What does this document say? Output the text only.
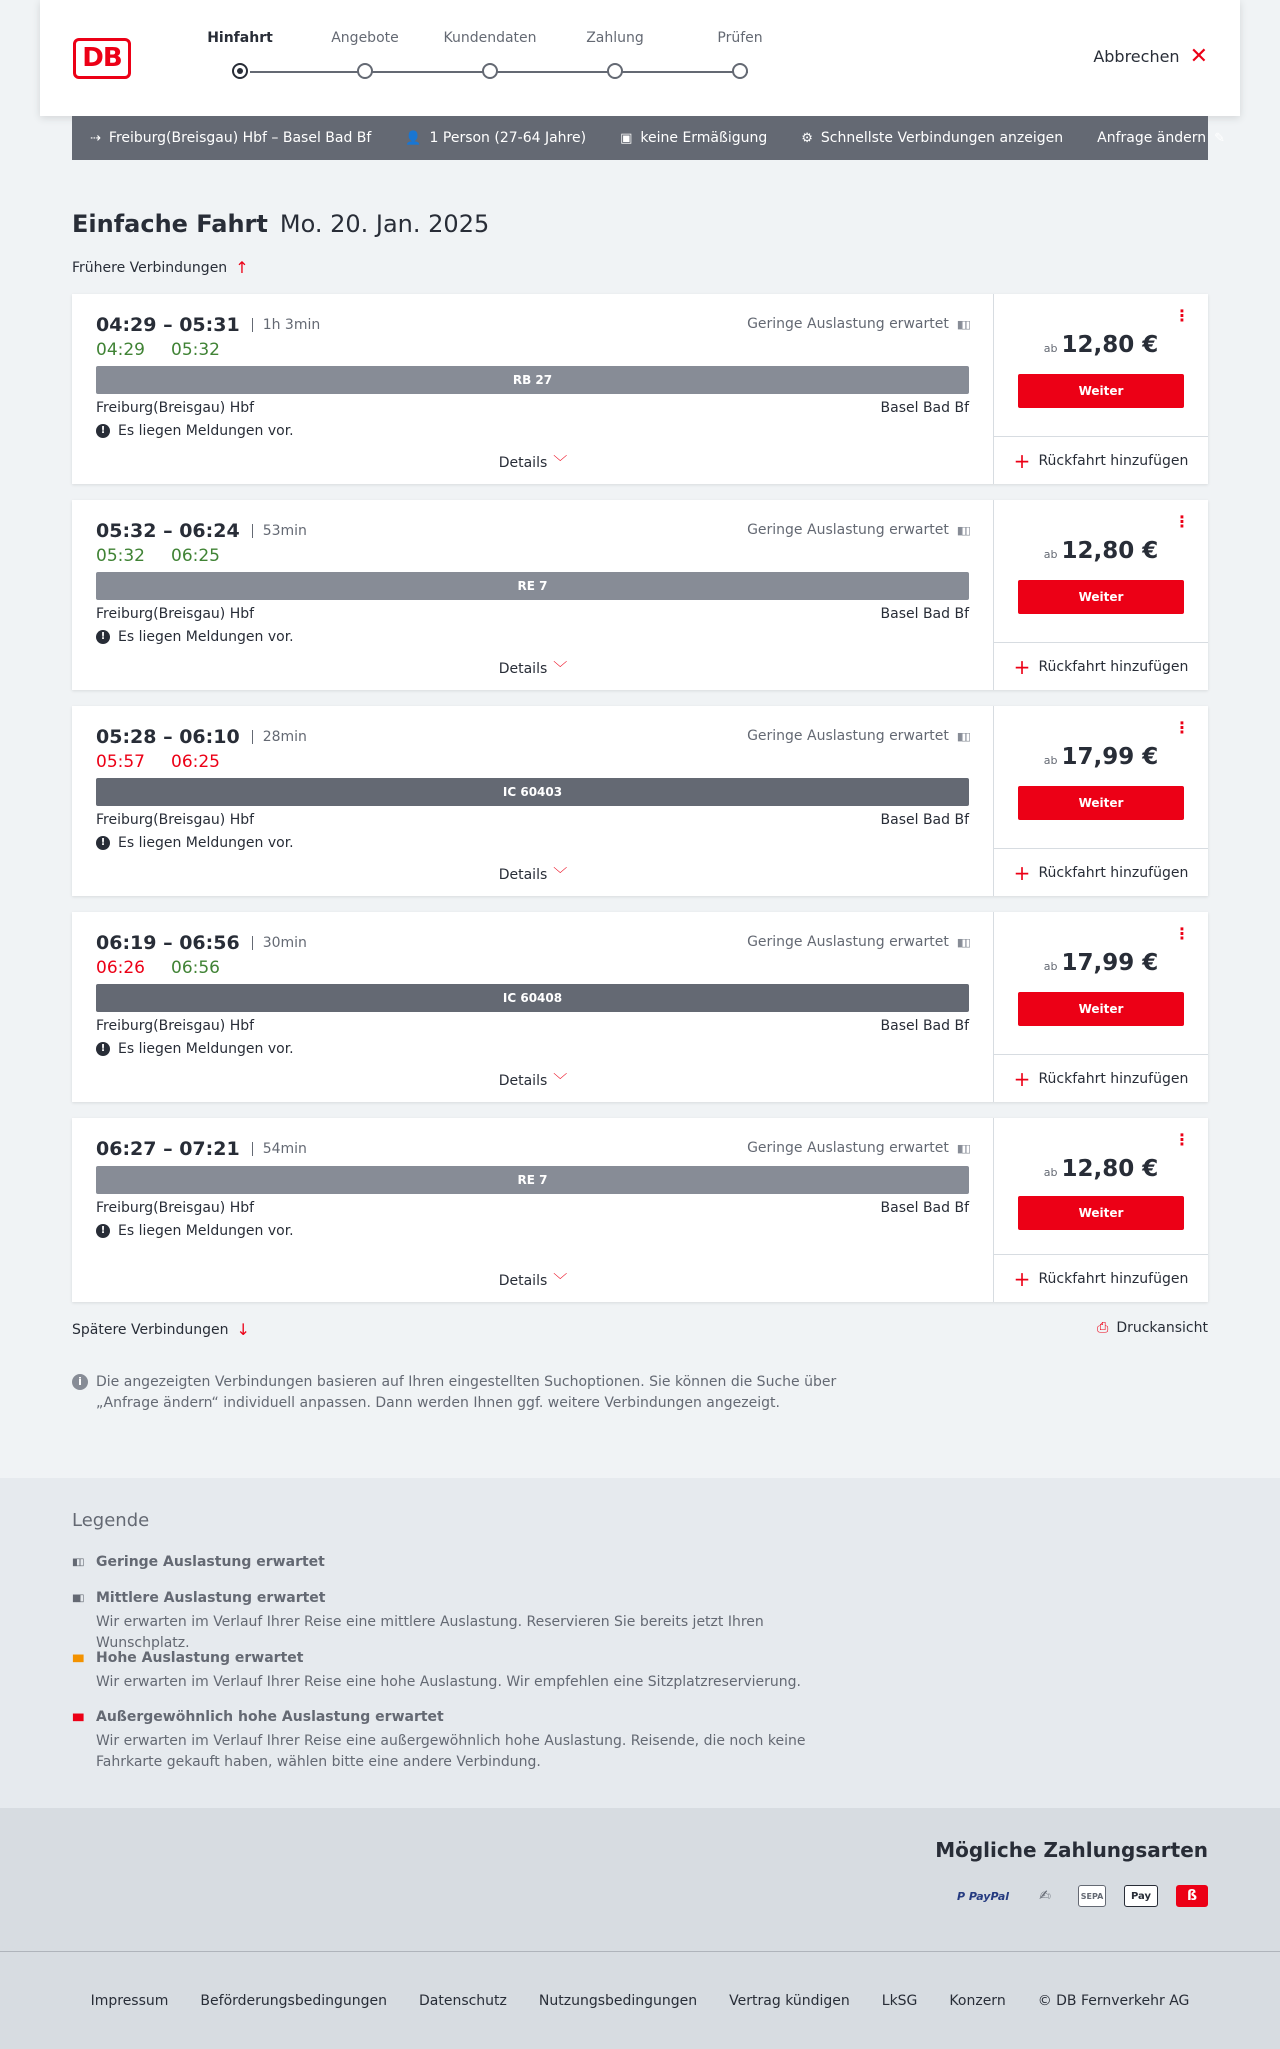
DB
Hinfahrt	Angebote	Kundendaten	Zahlung	Prüfen
Abbrechen ✕
⇢ Freiburg(Breisgau) Hbf – Basel Bad Bf	👤 1 Person (27-64 Jahre)	▣ keine Ermäßigung	⚙ Schnellste Verbindungen anzeigen Anfrage ändern ✎
Einfache Fahrt Mo. 20. Jan. 2025
Frühere Verbindungen ↑
04:29 – 05:31	1h 3min
04:29 05:32
Geringe Auslastung erwartet ▮▯▯
RB 27
Freiburg(Breisgau) Hbf	Basel Bad Bf
! Es liegen Meldungen vor.
Details ﹀
⋮
ab 12,80 €
Weiter
+ Rückfahrt hinzufügen
05:32 – 06:24	53min
05:32 06:25
Geringe Auslastung erwartet ▮▯▯
RE 7
Freiburg(Breisgau) Hbf	Basel Bad Bf
! Es liegen Meldungen vor.
Details ﹀
⋮
ab 12,80 €
Weiter
+ Rückfahrt hinzufügen
05:28 – 06:10	28min
05:57 06:25
Geringe Auslastung erwartet ▮▯▯
IC 60403
Freiburg(Breisgau) Hbf	Basel Bad Bf
! Es liegen Meldungen vor.
Details ﹀
⋮
ab 17,99 €
Weiter
+ Rückfahrt hinzufügen
06:19 – 06:56	30min
06:26 06:56
Geringe Auslastung erwartet ▮▯▯
IC 60408
Freiburg(Breisgau) Hbf	Basel Bad Bf
! Es liegen Meldungen vor.
Details ﹀
⋮
ab 17,99 €
Weiter
+ Rückfahrt hinzufügen
06:27 – 07:21	54min	Geringe Auslastung erwartet ▮▯▯
RE 7
Freiburg(Breisgau) Hbf	Basel Bad Bf
! Es liegen Meldungen vor.
Details ﹀
⋮
ab 12,80 €
Weiter
+ Rückfahrt hinzufügen
Spätere Verbindungen ↓	⎙ Druckansicht
i	Die angezeigten Verbindungen basieren auf Ihren eingestellten Suchoptionen. Sie können die Suche über „Anfrage ändern“ individuell anpassen. Dann werden Ihnen ggf. weitere Verbindungen angezeigt.
Legende
▮▯▯ Geringe Auslastung erwartet
▮▮▯ Mittlere Auslastung erwartet
Wir erwarten im Verlauf Ihrer Reise eine mittlere Auslastung. Reservieren Sie bereits jetzt Ihren Wunschplatz.
▮▮▮ Hohe Auslastung erwartet
Wir erwarten im Verlauf Ihrer Reise eine hohe Auslastung. Wir empfehlen eine Sitzplatzreservierung.
▮▮▮ Außergewöhnlich hohe Auslastung erwartet
Wir erwarten im Verlauf Ihrer Reise eine außergewöhnlich hohe Auslastung. Reisende, die noch keine Fahrkarte gekauft haben, wählen bitte eine andere Verbindung.
Mögliche Zahlungsarten
P PayPal	✍	SEPA	Pay	ß
Impressum Beförderungsbedingungen Datenschutz Nutzungsbedingungen Vertrag kündigen LkSG Konzern © DB Fernverkehr AG
